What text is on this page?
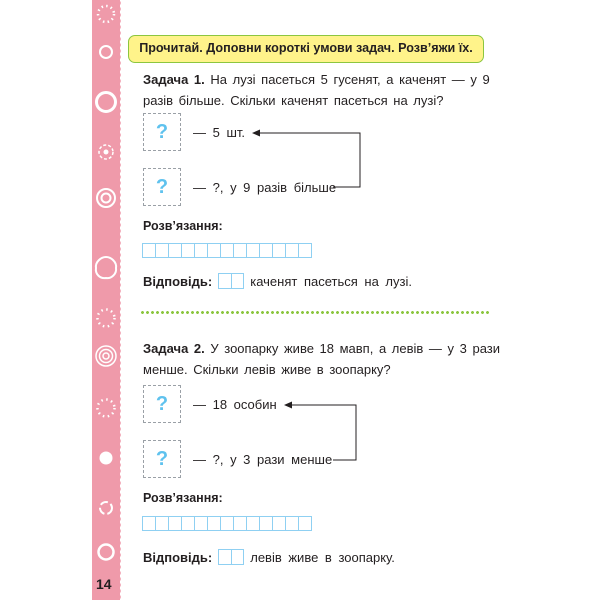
14
Прочитай. Доповни короткі умови задач. Розв’яжи їх.
Задача 1. На лузі пасеться 5 гусенят, а каченят — у 9 разів більше. Скільки каченят пасеться на лузі?
?	— 5 шт.
?	— ?, у 9 разів більше
Розв’язання:
Відповідь:	каченят пасеться на лузі.
Задача 2. У зоопарку живе 18 мавп, а левів — у 3 рази менше. Скільки левів живе в зоопарку?
?	— 18 особин
?	— ?, у 3 рази менше
Розв’язання:
Відповідь:	левів живе в зоопарку.
